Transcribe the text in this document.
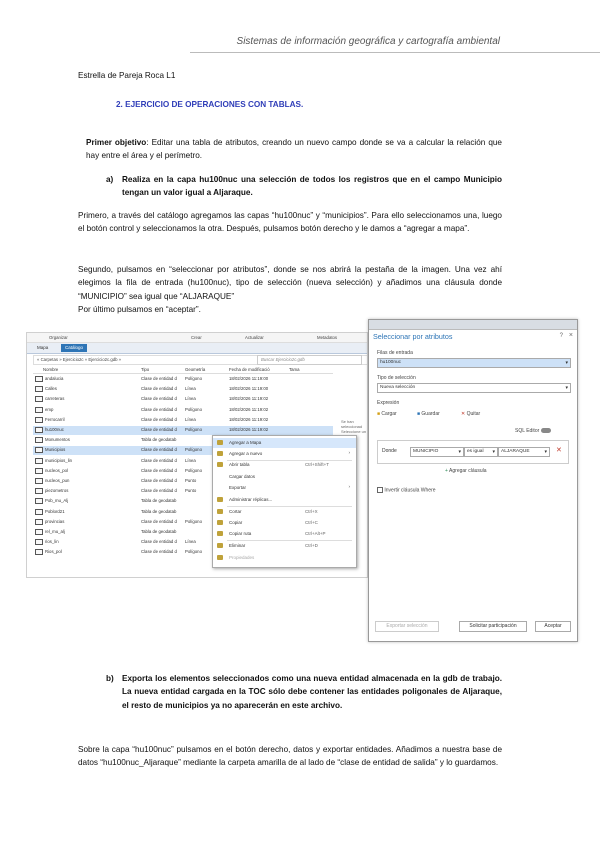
Sistemas de información geográfica y cartografía ambiental
Estrella de Pareja Roca L1
2. EJERCICIO DE OPERACIONES CON TABLAS.

Primer objetivo: Editar una tabla de atributos, creando un nuevo campo donde se va a calcular la relación que hay entre el área y el perímetro.

a)	Realiza en la capa hu100nuc una selección de todos los registros que en el campo Municipio tengan un valor igual a Aljaraque.

Primero, a través del catálogo agregamos las capas “hu100nuc” y “municipios”. Para ello seleccionamos una, luego el botón control y seleccionamos la otra. Después, pulsamos botón derecho y le damos a “agregar a mapa”.

Segundo, pulsamos en “seleccionar por atributos”, donde se nos abrirá la pestaña de la imagen. Una vez ahí elegimos la fila de entrada (hu100nuc), tipo de selección (nueva selección) y añadimos una cláusula donde “MUNICIPIO” sea igual que “ALJARAQUE”
Por último pulsamos en “aceptar”.
Organizar	Crear	Actualizar	Metadatos
Mapa	Catálogo
« Carpetas » Ejercicio2c » Ejercicio2c.gdb »	Buscar Ejercicio2c.gdb
Nombre	Tipo	Geometría	Fecha de modificació	Tama
andalucia	Clase de entidad d Polígono	18/02/2026 11:19:00
Calles	Clase de entidad d Línea	18/02/2026 11:19:00
carreteras	Clase de entidad d Línea	18/02/2026 11:19:02
emp	Clase de entidad d Polígono	18/02/2026 11:19:02
Ferrocarril	Clase de entidad d Línea	18/02/2026 11:19:02
hu100nuc	Clase de entidad d Polígono	18/02/2026 11:19:02
Monumentos	Tabla de geodatab
Municipios	Clase de entidad d Polígono
municipios_lin	Clase de entidad d Línea
nucleos_pol	Clase de entidad d Polígono
nucleos_pun	Clase de entidad d Punto
piezometros	Clase de entidad d Punto
Pob_mu_Alj	Tabla de geodatab
Poblord21	Tabla de geodatab
provincias	Clase de entidad d Polígono
rel_mu_alj	Tabla de geodatab
rios_lin	Clase de entidad d Línea
Rios_pol	Clase de entidad d Polígono
Se han seleccionad
Seleccione un
Agregar a Mapa
Agregar a nuevo	›
Abrir tabla	Ctrl+Shift+T
Cargar datos
Exportar	›
Administrar réplicas...
Cortar	Ctrl+X
Copiar	Ctrl+C
Copiar ruta	Ctrl+Alt+P
Eliminar	Ctrl+D
Propiedades
Seleccionar por atributos	? ×
Filas de entrada
hu100nuc	▾
Tipo de selección
Nueva selección	▾
Expresión
■ Cargar	■ Guardar	✕ Quitar
SQL Editor
Donde	MUNICIPIO	▾	es igual ▾	ALJARAQUE	▾ ✕
+ Agregar cláusula
Invertir cláusula Where
Exportar selección	Solicitar participación	Aceptar
b)	Exporta los elementos seleccionados como una nueva entidad almacenada en la gdb de trabajo. La nueva entidad cargada en la TOC sólo debe contener las entidades poligonales de Aljaraque, el resto de municipios ya no aparecerán en este archivo.

Sobre la capa “hu100nuc” pulsamos en el botón derecho, datos y exportar entidades. Añadimos a nuestra base de datos “hu100nuc_Aljaraque” mediante la carpeta amarilla de al lado de “clase de entidad de salida” y lo guardamos.
